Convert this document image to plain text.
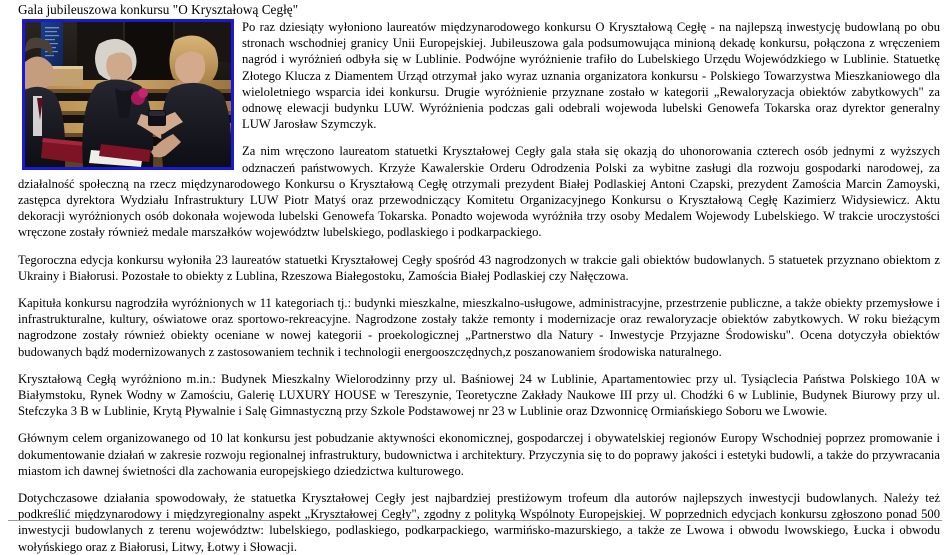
Gala jubileuszowa konkursu "O Kryształową Cegłę"

Po raz dziesiąty wyłoniono laureatów międzynarodowego konkursu O Kryształową Cegłę - na najlepszą inwestycję budowlaną po obu stronach wschodniej granicy Unii Europejskiej. Jubileuszowa gala podsumowująca minioną dekadę konkursu, połączona z wręczeniem nagród i wyróżnień odbyła się w Lublinie. Podwójne wyróżnienie trafiło do Lubelskiego Urzędu Wojewódzkiego w Lublinie. Statuetkę Złotego Klucza z Diamentem Urząd otrzymał jako wyraz uznania organizatora konkursu - Polskiego Towarzystwa Mieszkaniowego dla wieloletniego wsparcia idei konkursu. Drugie wyróżnienie przyznane zostało w kategorii „Rewaloryzacja obiektów zabytkowych" za odnowę elewacji budynku LUW. Wyróżnienia podczas gali odebrali wojewoda lubelski Genowefa Tokarska oraz dyrektor generalny LUW Jarosław Szymczyk.

Za nim wręczono laureatom statuetki Kryształowej Cegły gala stała się okazją do uhonorowania czterech osób jednymi z wyższych odznaczeń państwowych. Krzyże Kawalerskie Orderu Odrodzenia Polski za wybitne zasługi dla rozwoju gospodarki narodowej, za działalność społeczną na rzecz międzynarodowego Konkursu o Kryształową Cegłę otrzymali prezydent Białej Podlaskiej Antoni Czapski, prezydent Zamościa Marcin Zamoyski, zastępca dyrektora Wydziału Infrastruktury LUW Piotr Matyś oraz przewodniczący Komitetu Organizacyjnego Konkursu o Kryształową Cegłę Kazimierz Widysiewicz. Aktu dekoracji wyróżnionych osób dokonała wojewoda lubelski Genowefa Tokarska. Ponadto wojewoda wyróżniła trzy osoby Medalem Wojewody Lubelskiego. W trakcie uroczystości wręczone zostały również medale marszałków województw lubelskiego, podlaskiego i podkarpackiego.

Tegoroczna edycja konkursu wyłoniła 23 laureatów statuetki Kryształowej Cegły spośród 43 nagrodzonych w trakcie gali obiektów budowlanych. 5 statuetek przyznano obiektom z Ukrainy i Białorusi. Pozostałe to obiekty z Lublina, Rzeszowa Białegostoku, Zamościa Białej Podlaskiej czy Nałęczowa.

Kapituła konkursu nagrodziła wyróżnionych w 11 kategoriach tj.: budynki mieszkalne, mieszkalno-usługowe, administracyjne, przestrzenie publiczne, a także obiekty przemysłowe i infrastrukturalne, kultury, oświatowe oraz sportowo-rekreacyjne. Nagrodzone zostały także remonty i modernizacje oraz rewaloryzacje obiektów zabytkowych. W roku bieżącym nagrodzone zostały również obiekty oceniane w nowej kategorii - proekologicznej „Partnerstwo dla Natury - Inwestycje Przyjazne Środowisku". Ocena dotyczyła obiektów budowanych bądź modernizowanych z zastosowaniem technik i technologii energooszczędnych,z poszanowaniem środowiska naturalnego.

Kryształową Cegłą wyróżniono m.in.: Budynek Mieszkalny Wielorodzinny przy ul. Baśniowej 24 w Lublinie, Apartamentowiec przy ul. Tysiąclecia Państwa Polskiego 10A w Białymstoku, Rynek Wodny w Zamościu, Galerię LUXURY HOUSE w Tereszynie, Teoretyczne Zakłady Naukowe III przy ul. Chodźki 6 w Lublinie, Budynek Biurowy przy ul. Stefczyka 3 B w Lublinie, Krytą Pływalnie i Salę Gimnastyczną przy Szkole Podstawowej nr 23 w Lublinie oraz Dzwonnicę Ormiańskiego Soboru we Lwowie.

Głównym celem organizowanego od 10 lat konkursu jest pobudzanie aktywności ekonomicznej, gospodarczej i obywatelskiej regionów Europy Wschodniej poprzez promowanie i dokumentowanie działań w zakresie rozwoju regionalnej infrastruktury, budownictwa i architektury. Przyczynia się to do poprawy jakości i estetyki budowli, a także do przywracania miastom ich dawnej świetności dla zachowania europejskiego dziedzictwa kulturowego.

Dotychczasowe działania spowodowały, że statuetka Kryształowej Cegły jest najbardziej prestiżowym trofeum dla autorów najlepszych inwestycji budowlanych. Należy też podkreślić międzynarodowy i międzyregionalny aspekt „Kryształowej Cegły", zgodny z polityką Wspólnoty Europejskiej. W poprzednich edycjach konkursu zgłoszono ponad 500 inwestycji budowlanych z terenu województw: lubelskiego, podlaskiego, podkarpackiego, warmińsko-mazurskiego, a także ze Lwowa i obwodu lwowskiego, Łucka i obwodu wołyńskiego oraz z Białorusi, Litwy, Łotwy i Słowacji.
